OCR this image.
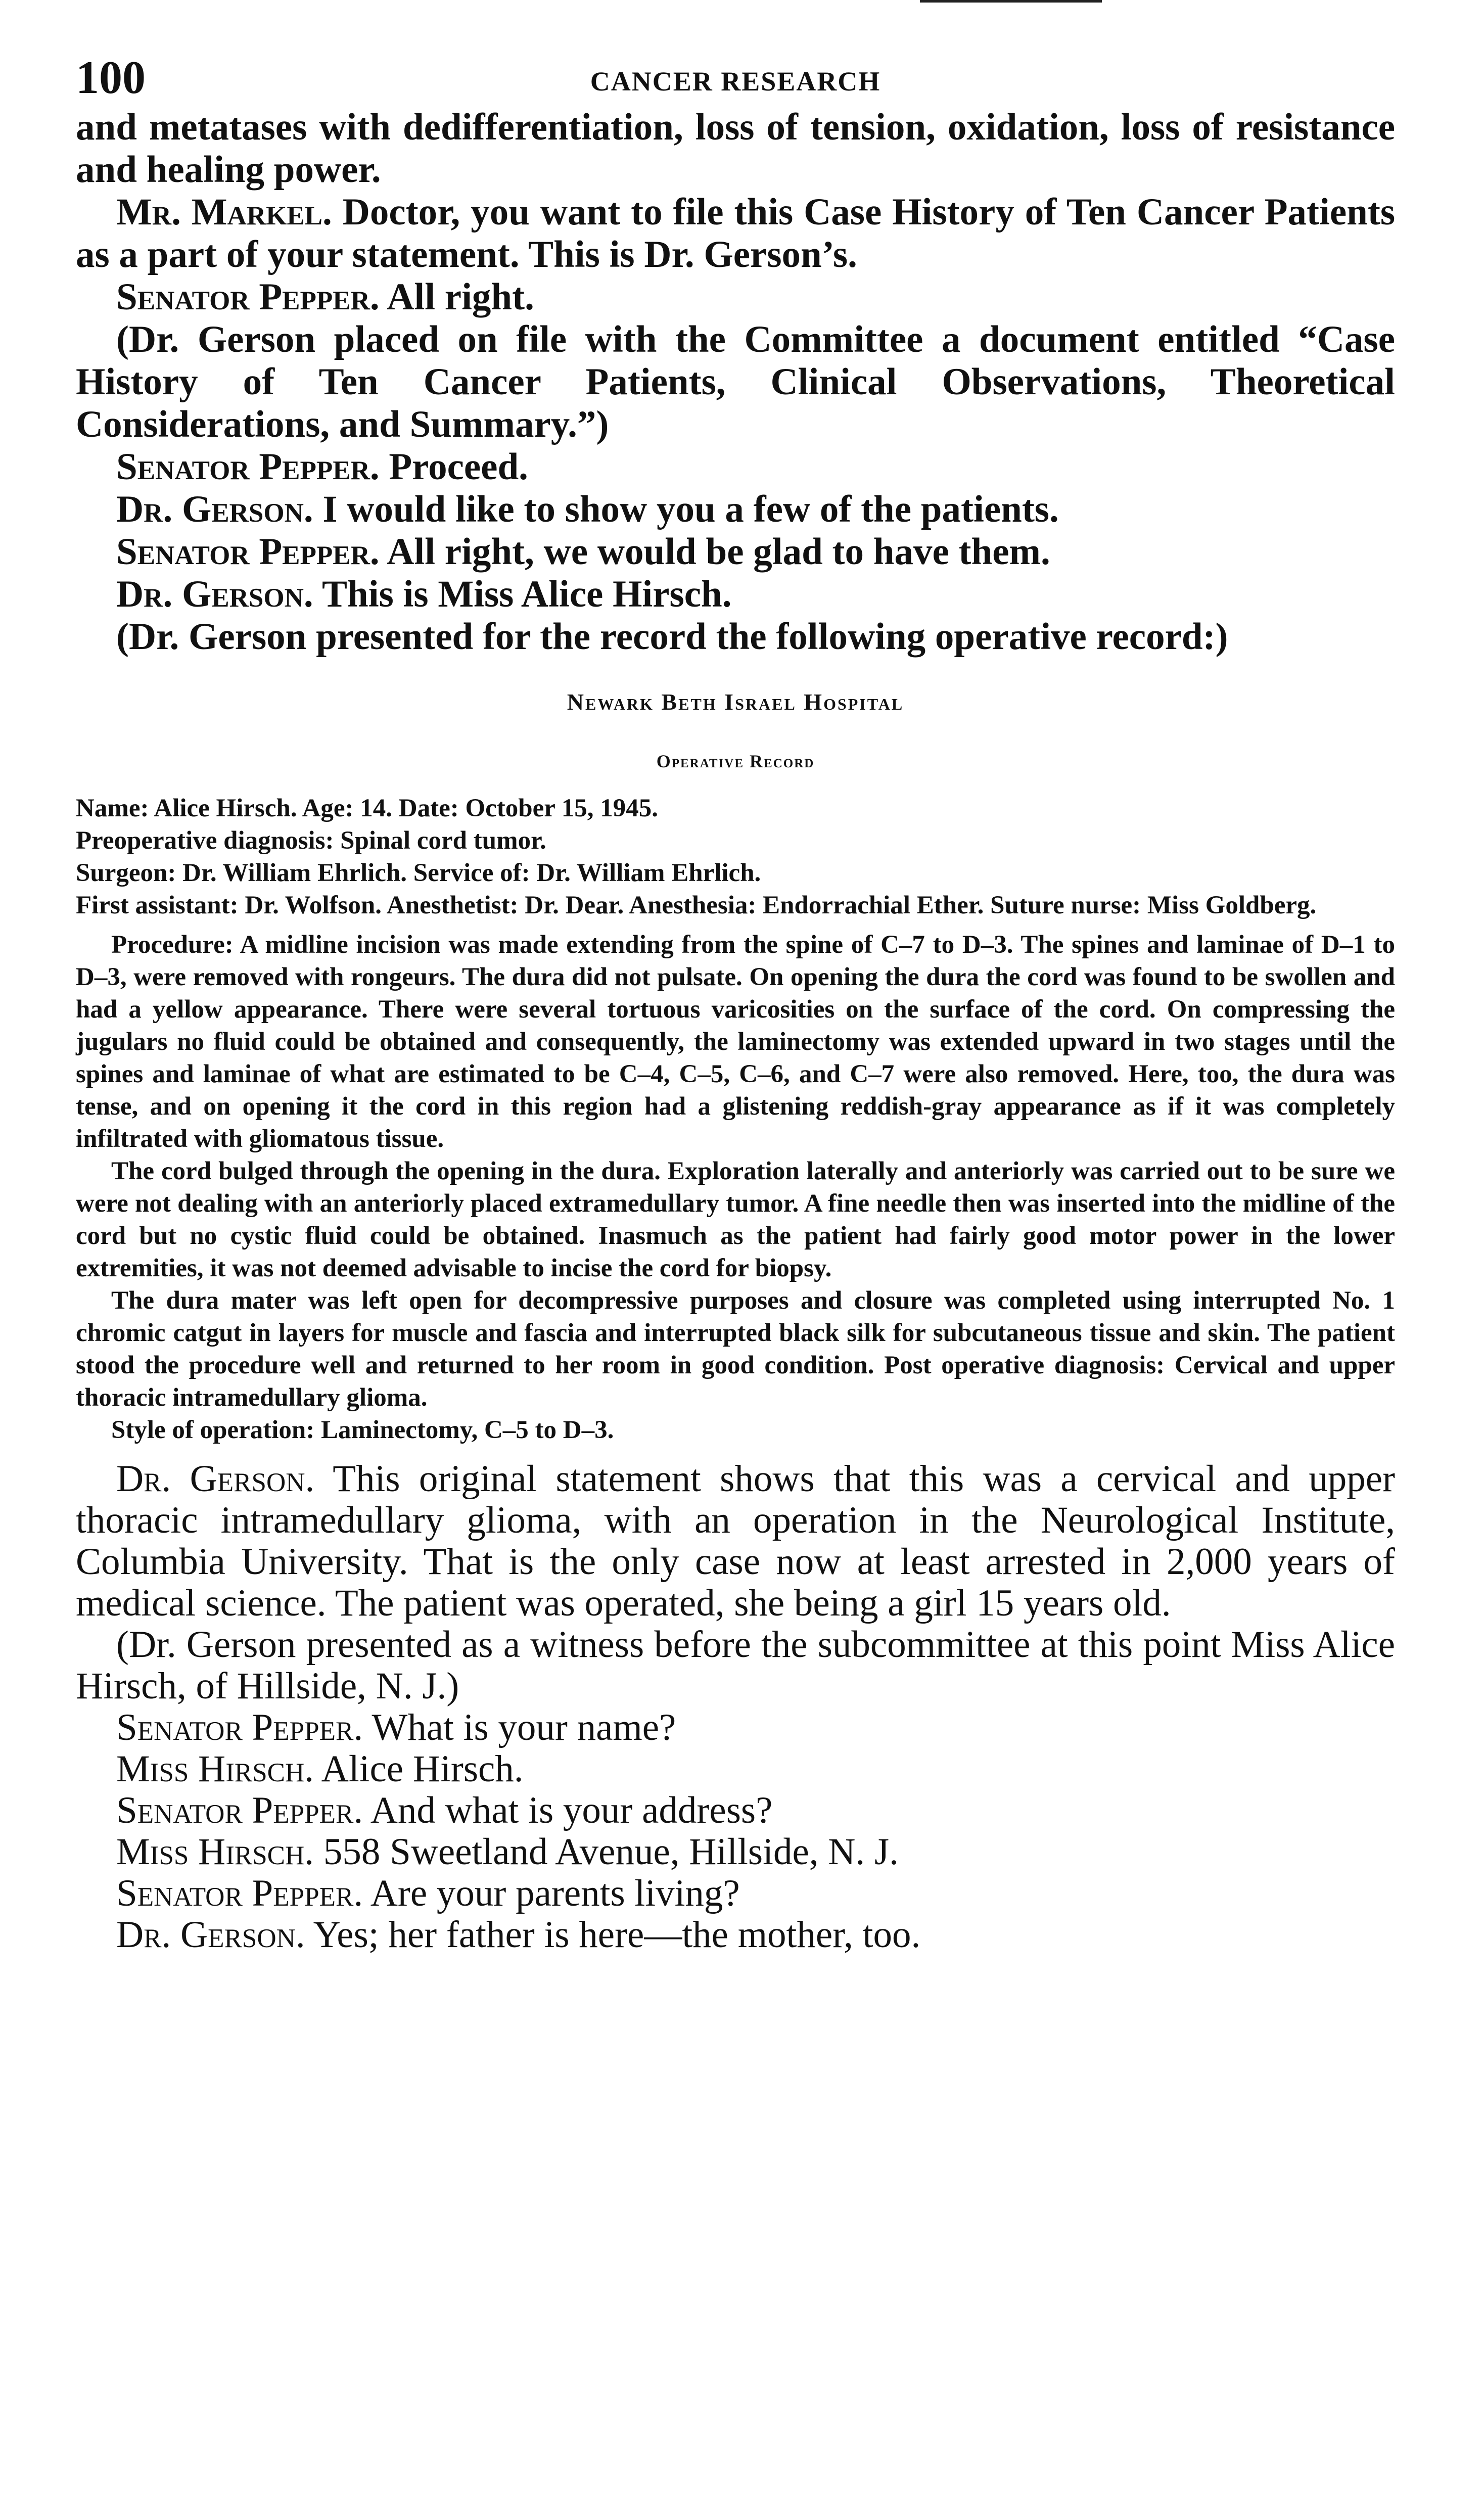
100	CANCER RESEARCH

and metatases with dedifferentiation, loss of tension, oxidation, loss of resistance and healing power.

Mr. Markel. Doctor, you want to file this Case History of Ten Cancer Patients as a part of your statement. This is Dr. Gerson’s.

Senator Pepper. All right.

(Dr. Gerson placed on file with the Committee a document entitled “Case History of Ten Cancer Patients, Clinical Observations, Theoretical Considerations, and Summary.”)

Senator Pepper. Proceed.

Dr. Gerson. I would like to show you a few of the patients.

Senator Pepper. All right, we would be glad to have them.

Dr. Gerson. This is Miss Alice Hirsch.

(Dr. Gerson presented for the record the following operative record:)

Newark Beth Israel Hospital

Operative Record

Name: Alice Hirsch. Age: 14. Date: October 15, 1945.

Preoperative diagnosis: Spinal cord tumor.

Surgeon: Dr. William Ehrlich. Service of: Dr. William Ehrlich.

First assistant: Dr. Wolfson. Anesthetist: Dr. Dear. Anesthesia: Endorrachial Ether. Suture nurse: Miss Goldberg.

Procedure: A midline incision was made extending from the spine of C–7 to D–3. The spines and laminae of D–1 to D–3, were removed with rongeurs. The dura did not pulsate. On opening the dura the cord was found to be swollen and had a yellow appearance. There were several tortuous varicosities on the surface of the cord. On compressing the jugulars no fluid could be obtained and consequently, the laminectomy was extended upward in two stages until the spines and laminae of what are estimated to be C–4, C–5, C–6, and C–7 were also removed. Here, too, the dura was tense, and on opening it the cord in this region had a glistening reddish-gray appearance as if it was completely infiltrated with gliomatous tissue.

The cord bulged through the opening in the dura. Exploration laterally and anteriorly was carried out to be sure we were not dealing with an anteriorly placed extramedullary tumor. A fine needle then was inserted into the midline of the cord but no cystic fluid could be obtained. Inasmuch as the patient had fairly good motor power in the lower extremities, it was not deemed advisable to incise the cord for biopsy.

The dura mater was left open for decompressive purposes and closure was completed using interrupted No. 1 chromic catgut in layers for muscle and fascia and interrupted black silk for subcutaneous tissue and skin. The patient stood the procedure well and returned to her room in good condition. Post operative diagnosis: Cervical and upper thoracic intramedullary glioma.

Style of operation: Laminectomy, C–5 to D–3.

Dr. Gerson. This original statement shows that this was a cervical and upper thoracic intramedullary glioma, with an operation in the Neurological Institute, Columbia University. That is the only case now at least arrested in 2,000 years of medical science. The patient was operated, she being a girl 15 years old.

(Dr. Gerson presented as a witness before the subcommittee at this point Miss Alice Hirsch, of Hillside, N. J.)

Senator Pepper. What is your name?

Miss Hirsch. Alice Hirsch.

Senator Pepper. And what is your address?

Miss Hirsch. 558 Sweetland Avenue, Hillside, N. J.

Senator Pepper. Are your parents living?

Dr. Gerson. Yes; her father is here—the mother, too.
